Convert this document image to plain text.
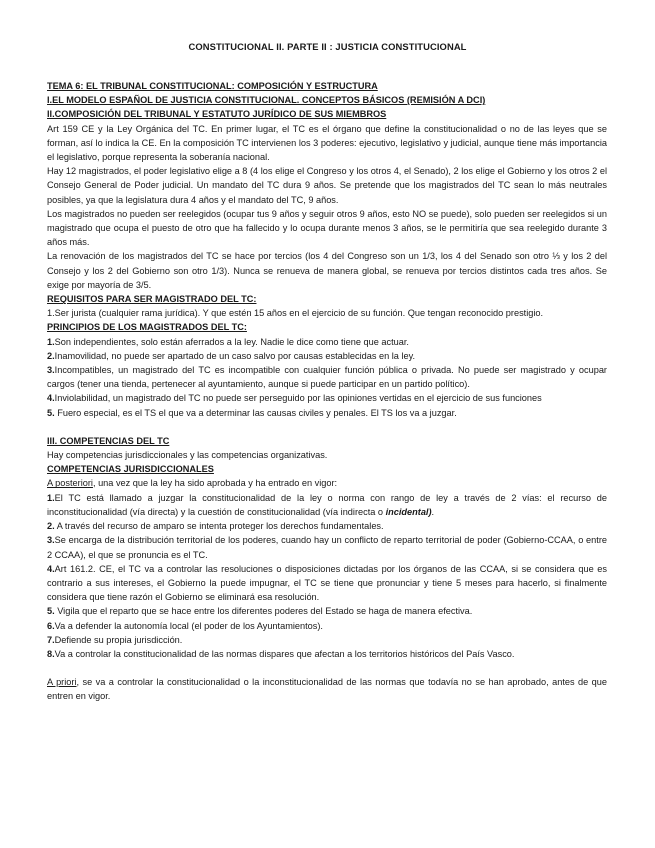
CONSTITUCIONAL II. PARTE II : JUSTICIA CONSTITUCIONAL

TEMA 6: EL TRIBUNAL CONSTITUCIONAL: COMPOSICIÓN Y ESTRUCTURA

I.EL MODELO ESPAÑOL DE JUSTICIA CONSTITUCIONAL. CONCEPTOS BÁSICOS (REMISIÓN A DCI)

II.COMPOSICIÓN DEL TRIBUNAL Y ESTATUTO JURÍDICO DE SUS MIEMBROS

Art 159 CE y la Ley Orgánica del TC. En primer lugar, el TC es el órgano que define la constitucionalidad o no de las leyes que se forman, así lo indica la CE. En la composición TC intervienen los 3 poderes: ejecutivo, legislativo y judicial, aunque tiene más importancia el legislativo, porque representa la soberanía nacional.

Hay 12 magistrados, el poder legislativo elige a 8 (4 los elige el Congreso y los otros 4, el Senado), 2 los elige el Gobierno y los otros 2 el Consejo General de Poder judicial. Un mandato del TC dura 9 años. Se pretende que los magistrados del TC sean lo más neutrales posibles, ya que la legislatura dura 4 años y el mandato del TC, 9 años.

Los magistrados no pueden ser reelegidos (ocupar tus 9 años y seguir otros 9 años, esto NO se puede), solo pueden ser reelegidos si un magistrado que ocupa el puesto de otro que ha fallecido y lo ocupa durante menos 3 años, se le permitiría que sea reelegido durante 3 años más.

La renovación de los magistrados del TC se hace por tercios (los 4 del Congreso son un 1/3, los 4 del Senado son otro ⅓ y los 2 del Consejo y los 2 del Gobierno son otro 1/3). Nunca se renueva de manera global, se renueva por tercios distintos cada tres años. Se exige por mayoría de 3/5.

REQUISITOS PARA SER MAGISTRADO DEL TC:

1.Ser jurista (cualquier rama jurídica). Y que estén 15 años en el ejercicio de su función. Que tengan reconocido prestigio.

PRINCIPIOS DE LOS MAGISTRADOS DEL TC:

1.Son independientes, solo están aferrados a la ley. Nadie le dice como tiene que actuar.

2.Inamovilidad, no puede ser apartado de un caso salvo por causas establecidas en la ley.

3.Incompatibles, un magistrado del TC es incompatible con cualquier función pública o privada. No puede ser magistrado y ocupar cargos (tener una tienda, pertenecer al ayuntamiento, aunque si puede participar en un partido político).

4.Inviolabilidad, un magistrado del TC no puede ser perseguido por las opiniones vertidas en el ejercicio de sus funciones

5. Fuero especial, es el TS el que va a determinar las causas civiles y penales. El TS los va a juzgar.

III. COMPETENCIAS DEL TC

Hay competencias jurisdiccionales y las competencias organizativas.

COMPETENCIAS JURISDICCIONALES

A posteriori, una vez que la ley ha sido aprobada y ha entrado en vigor:

1.El TC está llamado a juzgar la constitucionalidad de la ley o norma con rango de ley a través de 2 vías: el recurso de inconstitucionalidad (vía directa) y la cuestión de constitucionalidad (vía indirecta o incidental).

2. A través del recurso de amparo se intenta proteger los derechos fundamentales.

3.Se encarga de la distribución territorial de los poderes, cuando hay un conflicto de reparto territorial de poder (Gobierno-CCAA, o entre 2 CCAA), el que se pronuncia es el TC.

4.Art 161.2. CE, el TC va a controlar las resoluciones o disposiciones dictadas por los órganos de las CCAA, si se considera que es contrario a sus intereses, el Gobierno la puede impugnar, el TC se tiene que pronunciar y tiene 5 meses para hacerlo, si finalmente considera que tiene razón el Gobierno se eliminará esa resolución.

5. Vigila que el reparto que se hace entre los diferentes poderes del Estado se haga de manera efectiva.

6.Va a defender la autonomía local (el poder de los Ayuntamientos).

7.Defiende su propia jurisdicción.

8.Va a controlar la constitucionalidad de las normas dispares que afectan a los territorios históricos del País Vasco.

A priori, se va a controlar la constitucionalidad o la inconstitucionalidad de las normas que todavía no se han aprobado, antes de que entren en vigor.
